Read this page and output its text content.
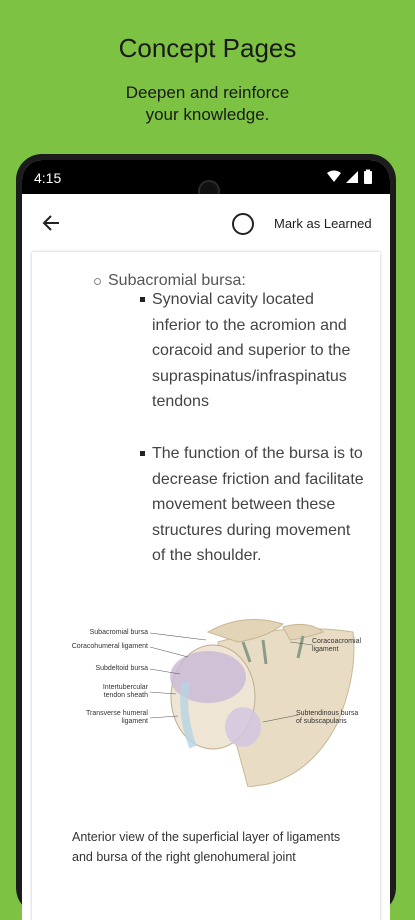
Concept Pages
Deepen and reinforce
your knowledge.
4:15
Mark as Learned
Subacromial bursa:
Synovial cavity located inferior to the acromion and coracoid and superior to the supraspinatus/infraspinatus tendons
The function of the bursa is to decrease friction and facilitate movement between these structures during movement of the shoulder.
Subacromial bursa
Coracohumeral ligament
Subdeltoid bursa
Intertubercular
tendon sheath
Transverse humeral
ligament
Coracoacromial
ligament
Subtendinous bursa
of subscapularis
Anterior view of the superficial layer of ligaments and bursa of the right glenohumeral joint
